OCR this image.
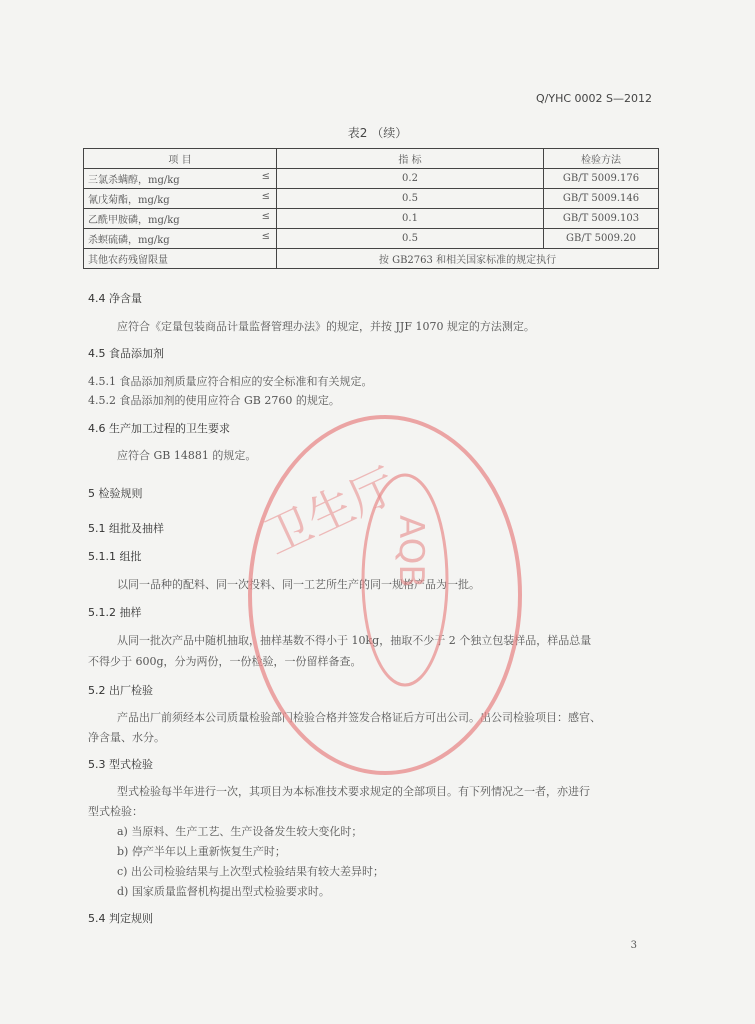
Q/YHC 0002 S—2012
表2 （续）
项 目	指 标	检验方法
三氯杀螨醇，mg/kg ≤	0.2	GB/T 5009.176
氰戊菊酯，mg/kg ≤	0.5	GB/T 5009.146
乙酰甲胺磷，mg/kg ≤	0.1	GB/T 5009.103
杀螟硫磷，mg/kg ≤	0.5	GB/T 5009.20
其他农药残留限量	按 GB2763 和相关国家标准的规定执行	
4.4 净含量
应符合《定量包装商品计量监督管理办法》的规定，并按 JJF 1070 规定的方法测定。
4.5 食品添加剂
4.5.1 食品添加剂质量应符合相应的安全标准和有关规定。
4.5.2 食品添加剂的使用应符合 GB 2760 的规定。
4.6 生产加工过程的卫生要求
应符合 GB 14881 的规定。
5 检验规则
5.1 组批及抽样
5.1.1 组批
以同一品种的配料、同一次投料、同一工艺所生产的同一规格产品为一批。
5.1.2 抽样
从同一批次产品中随机抽取，抽样基数不得小于 10kg，抽取不少于 2 个独立包装样品，样品总量
不得少于 600g，分为两份，一份检验，一份留样备查。
5.2 出厂检验
产品出厂前须经本公司质量检验部门检验合格并签发合格证后方可出公司。出公司检验项目：感官、
净含量、水分。
5.3 型式检验
型式检验每半年进行一次，其项目为本标准技术要求规定的全部项目。有下列情况之一者，亦进行
型式检验：
a) 当原料、生产工艺、生产设备发生较大变化时；
b) 停产半年以上重新恢复生产时；
c) 出公司检验结果与上次型式检验结果有较大差异时；
d) 国家质量监督机构提出型式检验要求时。
5.4 判定规则
3
卫生厅
AQB
